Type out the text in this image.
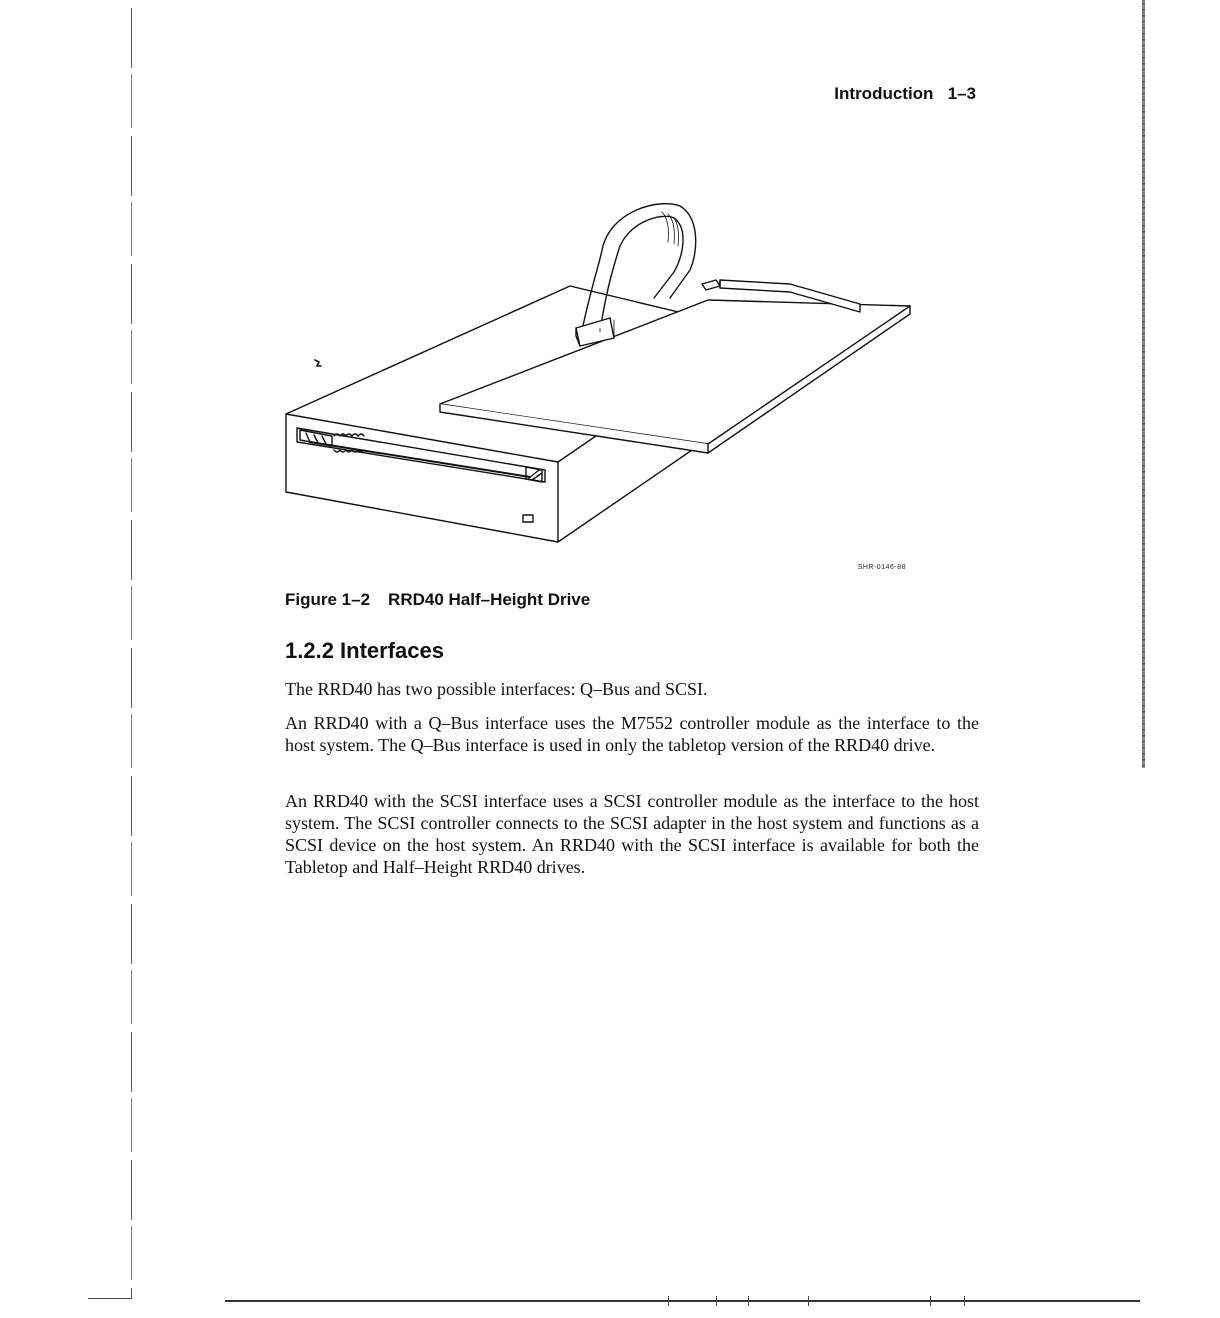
Introduction 1–3
SHR-0146-88
Figure 1–2 RRD40 Half–Height Drive
1.2.2 Interfaces

The RRD40 has two possible interfaces: Q–Bus and SCSI.

An RRD40 with a Q–Bus interface uses the M7552 controller module as the interface to the host system. The Q–Bus interface is used in only the tabletop version of the RRD40 drive.

An RRD40 with the SCSI interface uses a SCSI controller module as the interface to the host system. The SCSI controller connects to the SCSI adapter in the host system and functions as a SCSI device on the host system. An RRD40 with the SCSI interface is available for both the Tabletop and Half–Height RRD40 drives.
